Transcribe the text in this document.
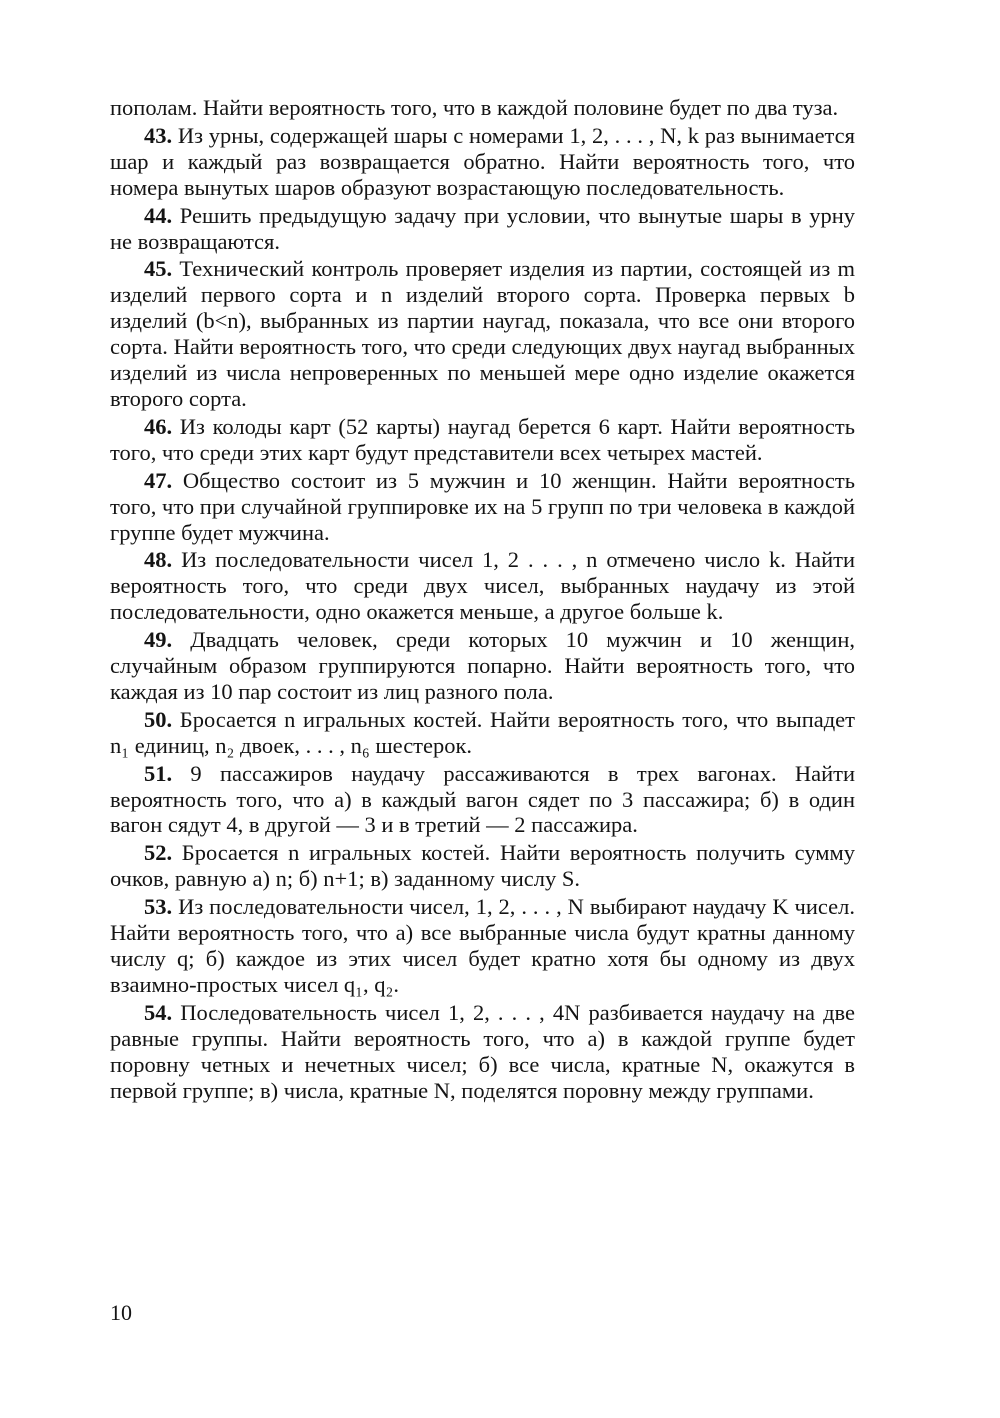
пополам. Найти вероятность того, что в каждой половине будет по два туза.

43. Из урны, содержащей шары с номерами 1, 2, . . . , N, k раз вынимается шар и каждый раз возвращается обратно. Найти вероятность того, что номера вынутых шаров образуют возрастающую последовательность.

44. Решить предыдущую задачу при условии, что вынутые шары в урну не возвращаются.

45. Технический контроль проверяет изделия из партии, состоящей из m изделий первого сорта и n изделий второго сорта. Проверка первых b изделий (b<n), выбранных из партии наугад, показала, что все они второго сорта. Найти вероятность того, что среди следующих двух наугад выбранных изделий из числа непроверенных по меньшей мере одно изделие окажется второго сорта.

46. Из колоды карт (52 карты) наугад берется 6 карт. Найти вероятность того, что среди этих карт будут представители всех четырех мастей.

47. Общество состоит из 5 мужчин и 10 женщин. Найти вероятность того, что при случайной группировке их на 5 групп по три человека в каждой группе будет мужчина.

48. Из последовательности чисел 1, 2 . . . , n отмечено число k. Найти вероятность того, что среди двух чисел, выбранных наудачу из этой последовательности, одно окажется меньше, а другое больше k.

49. Двадцать человек, среди которых 10 мужчин и 10 женщин, случайным образом группируются попарно. Найти вероятность того, что каждая из 10 пар состоит из лиц разного пола.

50. Бросается n игральных костей. Найти вероятность того, что выпадет n₁ единиц, n₂ двоек, . . . , n₆ шестерок.

51. 9 пассажиров наудачу рассаживаются в трех вагонах. Найти вероятность того, что а) в каждый вагон сядет по 3 пассажира; б) в один вагон сядут 4, в другой — 3 и в третий — 2 пассажира.

52. Бросается n игральных костей. Найти вероятность получить сумму очков, равную а) n; б) n+1; в) заданному числу S.

53. Из последовательности чисел, 1, 2, . . . , N выбирают наудачу K чисел. Найти вероятность того, что а) все выбранные числа будут кратны данному числу q; б) каждое из этих чисел будет кратно хотя бы одному из двух взаимно-простых чисел q₁, q₂.

54. Последовательность чисел 1, 2, . . . , 4N разбивается наудачу на две равные группы. Найти вероятность того, что а) в каждой группе будет поровну четных и нечетных чисел; б) все числа, кратные N, окажутся в первой группе; в) числа, кратные N, поделятся поровну между группами.

10
